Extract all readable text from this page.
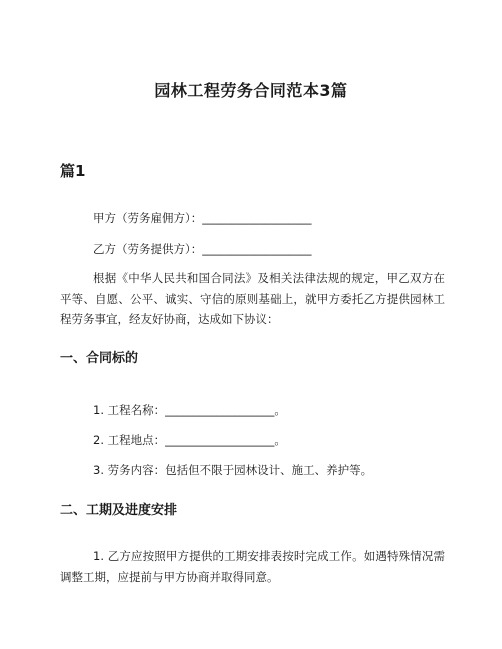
园林工程劳务合同范本3篇
篇1
甲方（劳务雇佣方）：___________________
乙方（劳务提供方）：___________________
根据《中华人民共和国合同法》及相关法律法规的规定，甲乙双方在平等、自愿、公平、诚实、守信的原则基础上，就甲方委托乙方提供园林工程劳务事宜，经友好协商，达成如下协议：
一、合同标的
1. 工程名称：___________________。
2. 工程地点：___________________。
3. 劳务内容：包括但不限于园林设计、施工、养护等。
二、工期及进度安排
1. 乙方应按照甲方提供的工期安排表按时完成工作。如遇特殊情况需调整工期，应提前与甲方协商并取得同意。
